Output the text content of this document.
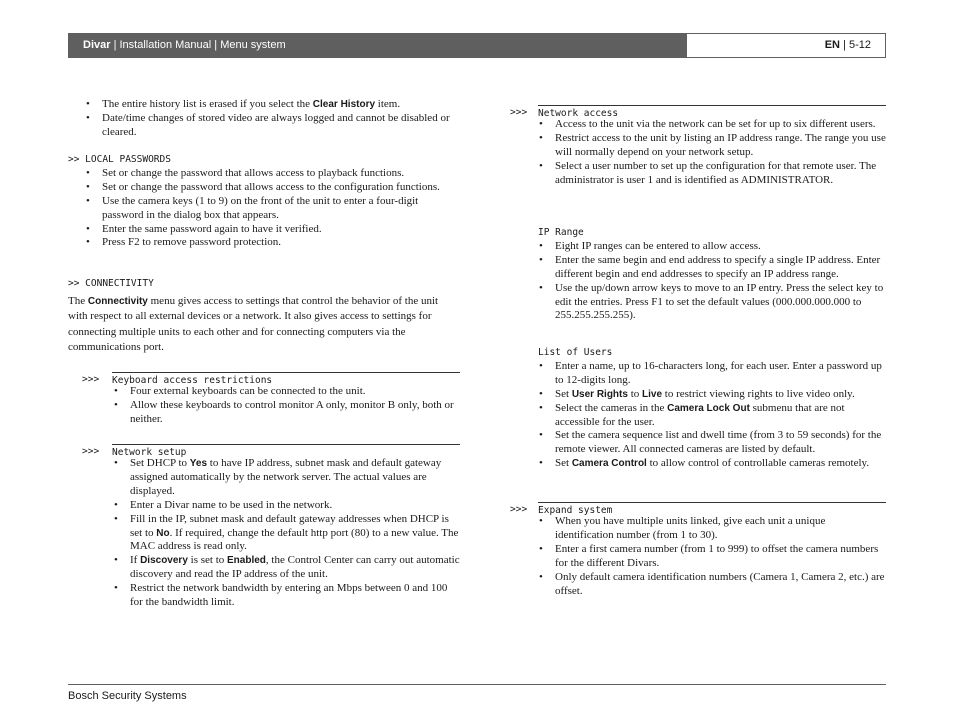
Divar | Installation Manual | Menu system	EN | 5-12
• The entire history list is erased if you select the Clear History item.
• Date/time changes of stored video are always logged and cannot be disabled or cleared.
>> LOCAL PASSWORDS
• Set or change the password that allows access to playback functions.
• Set or change the password that allows access to the configuration functions.
• Use the camera keys (1 to 9) on the front of the unit to enter a four-digit password in the dialog box that appears.
• Enter the same password again to have it verified.
• Press F2 to remove password protection.
>> CONNECTIVITY

The Connectivity menu gives access to settings that control the behavior of the unit with respect to all external devices or a network. It also gives access to settings for connecting multiple units to each other and for connecting computers via the communications port.

>>> Keyboard access restrictions
• Four external keyboards can be connected to the unit.
• Allow these keyboards to control monitor A only, monitor B only, both or neither.
>>> Network setup
• Set DHCP to Yes to have IP address, subnet mask and default gateway assigned automatically by the network server. The actual values are displayed.
• Enter a Divar name to be used in the network.
• Fill in the IP, subnet mask and default gateway addresses when DHCP is set to No. If required, change the default http port (80) to a new value. The MAC address is read only.
• If Discovery is set to Enabled, the Control Center can carry out automatic discovery and read the IP address of the unit.
• Restrict the network bandwidth by entering an Mbps between 0 and 100 for the bandwidth limit.
>>> Network access
• Access to the unit via the network can be set for up to six different users.
• Restrict access to the unit by listing an IP address range. The range you use will normally depend on your network setup.
• Select a user number to set up the configuration for that remote user. The administrator is user 1 and is identified as ADMINISTRATOR.
IP Range
• Eight IP ranges can be entered to allow access.
• Enter the same begin and end address to specify a single IP address. Enter different begin and end addresses to specify an IP address range.
• Use the up/down arrow keys to move to an IP entry. Press the select key to edit the entries. Press F1 to set the default values (000.000.000.000 to 255.255.255.255).
List of Users
• Enter a name, up to 16-characters long, for each user. Enter a password up to 12-digits long.
• Set User Rights to Live to restrict viewing rights to live video only.
• Select the cameras in the Camera Lock Out submenu that are not accessible for the user.
• Set the camera sequence list and dwell time (from 3 to 59 seconds) for the remote viewer. All connected cameras are listed by default.
• Set Camera Control to allow control of controllable cameras remotely.
>>> Expand system
• When you have multiple units linked, give each unit a unique identification number (from 1 to 30).
• Enter a first camera number (from 1 to 999) to offset the camera numbers for the different Divars.
• Only default camera identification numbers (Camera 1, Camera 2, etc.) are offset.
Bosch Security Systems
